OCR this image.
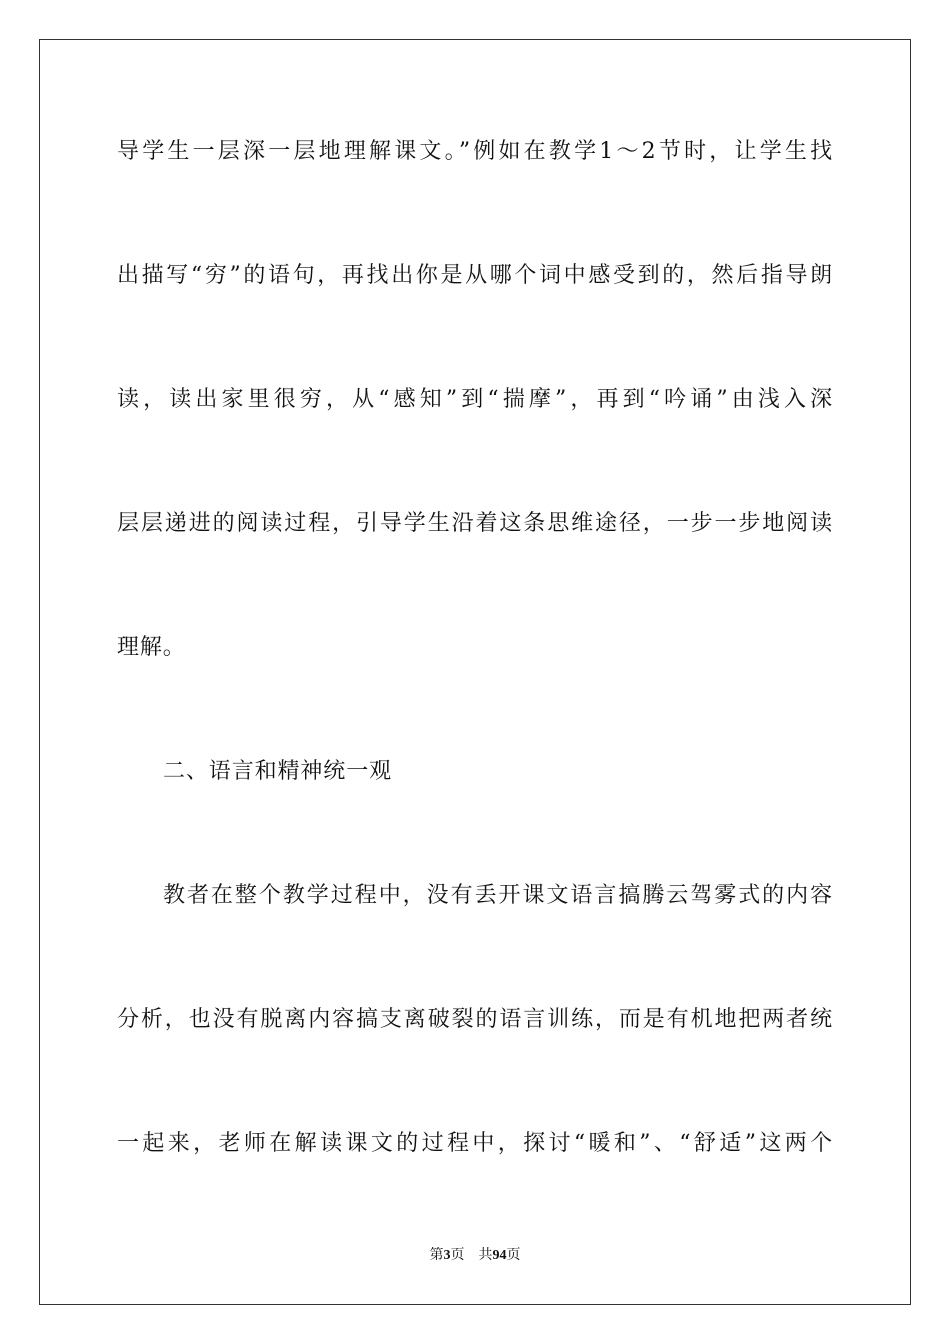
导学生一层深一层地理解课文。”例如在教学1～2节时，让学生找
出描写“穷”的语句，再找出你是从哪个词中感受到的，然后指导朗
读，读出家里很穷，从“感知”到“揣摩”，再到“吟诵”由浅入深
层层递进的阅读过程，引导学生沿着这条思维途径，一步一步地阅读
理解。
二、语言和精神统一观
教者在整个教学过程中，没有丢开课文语言搞腾云驾雾式的内容
分析，也没有脱离内容搞支离破裂的语言训练，而是有机地把两者统
一起来，老师在解读课文的过程中，探讨“暖和”、“舒适”这两个
第3页 共94页
